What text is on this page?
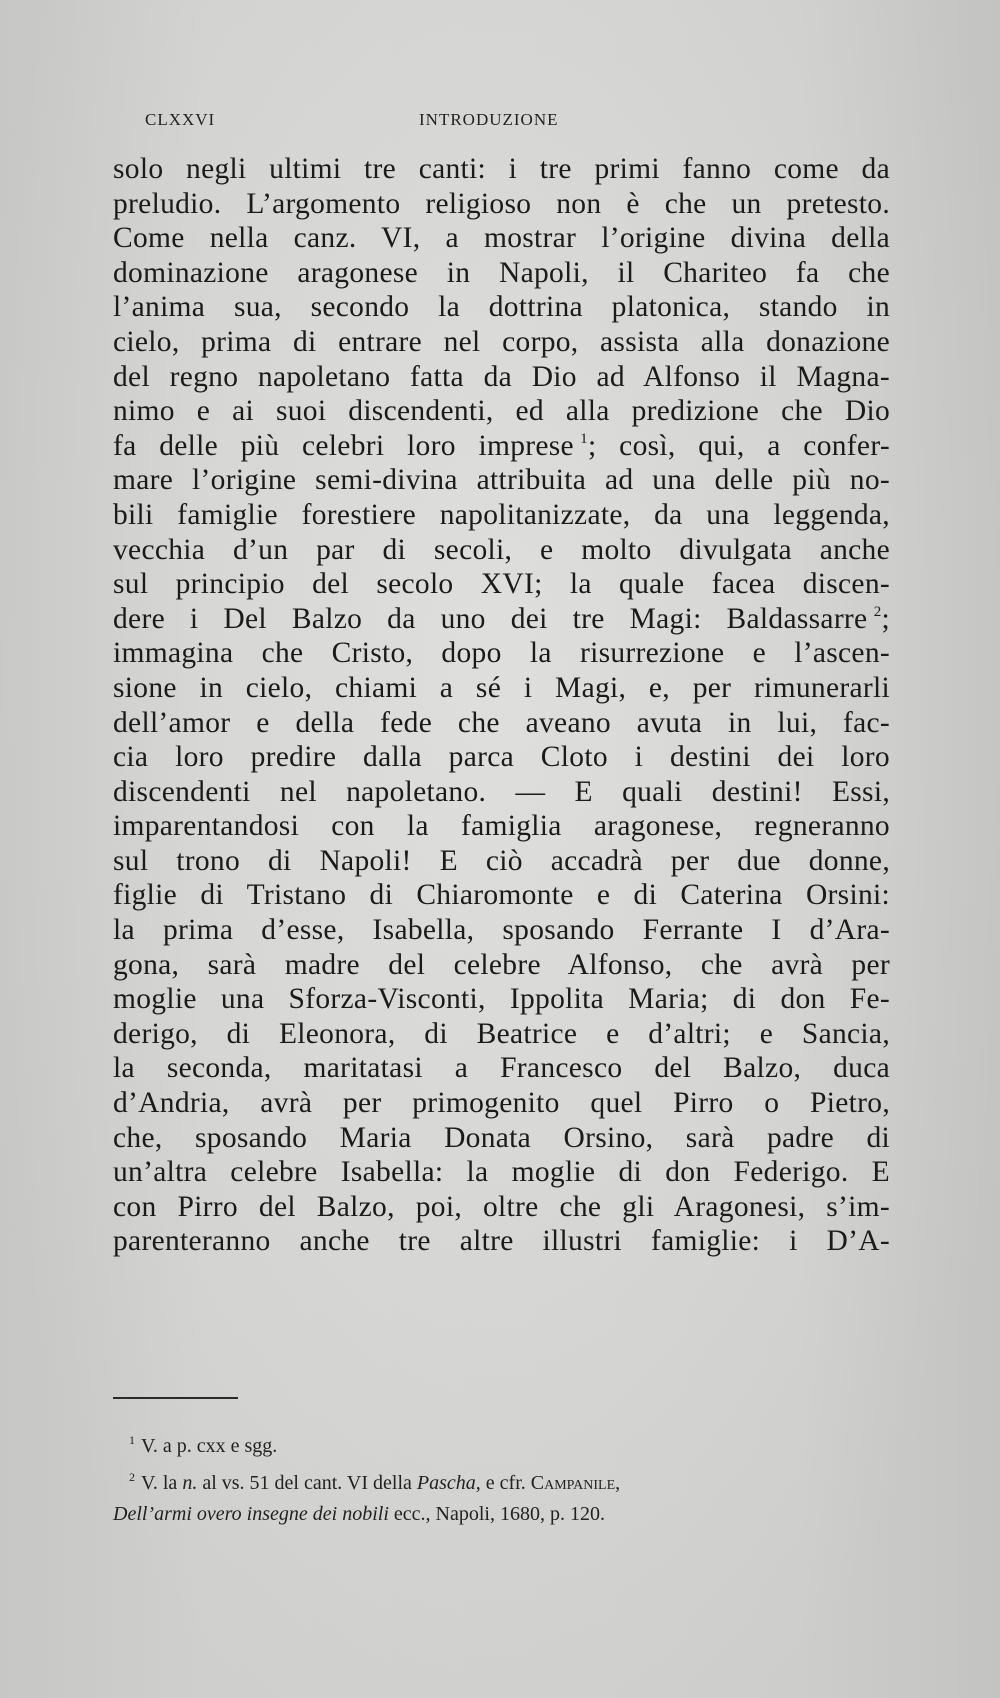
CLXXVI	INTRODUZIONE
solo negli ultimi tre canti: i tre primi fanno come da
preludio. L’argomento religioso non è che un pretesto.
Come nella canz. VI, a mostrar l’origine divina della
dominazione aragonese in Napoli, il Chariteo fa che
l’anima sua, secondo la dottrina platonica, stando in
cielo, prima di entrare nel corpo, assista alla donazione
del regno napoletano fatta da Dio ad Alfonso il Magna-
nimo e ai suoi discendenti, ed alla predizione che Dio
fa delle più celebri loro imprese  $^1$; così, qui, a confer-
mare l’origine semi-divina attribuita ad una delle più no-
bili famiglie forestiere napolitanizzate, da una leggenda,
vecchia d’un par di secoli, e molto divulgata anche
sul principio del secolo XVI; la quale facea discen-
dere i Del Balzo da uno dei tre Magi: Baldassarre  $^2$;
immagina che Cristo, dopo la risurrezione e l’ascen-
sione in cielo, chiami a sé i Magi, e, per rimunerarli
dell’amor e della fede che aveano avuta in lui, fac-
cia loro predire dalla parca Cloto i destini dei loro
discendenti nel napoletano. — E quali destini! Essi,
imparentandosi con la famiglia aragonese, regneranno
sul trono di Napoli! E ciò accadrà per due donne,
figlie di Tristano di Chiaromonte e di Caterina Orsini:
la prima d’esse, Isabella, sposando Ferrante I d’Ara-
gona, sarà madre del celebre Alfonso, che avrà per
moglie una Sforza-Visconti, Ippolita Maria; di don Fe-
derigo, di Eleonora, di Beatrice e d’altri; e Sancia,
la seconda, maritatasi a Francesco del Balzo, duca
d’Andria, avrà per primogenito quel Pirro o Pietro,
che, sposando Maria Donata Orsino, sarà padre di
un’altra celebre Isabella: la moglie di don Federigo. E
con Pirro del Balzo, poi, oltre che gli Aragonesi, s’im-
parenteranno anche tre altre illustri famiglie: i D’A-
$^1$ V. a p. cxx e sgg.
$^2$ V. la n. al vs. 51 del cant. VI della Pascha, e cfr. Campanile,
Dell’armi overo insegne dei nobili ecc., Napoli, 1680, p. 120.
